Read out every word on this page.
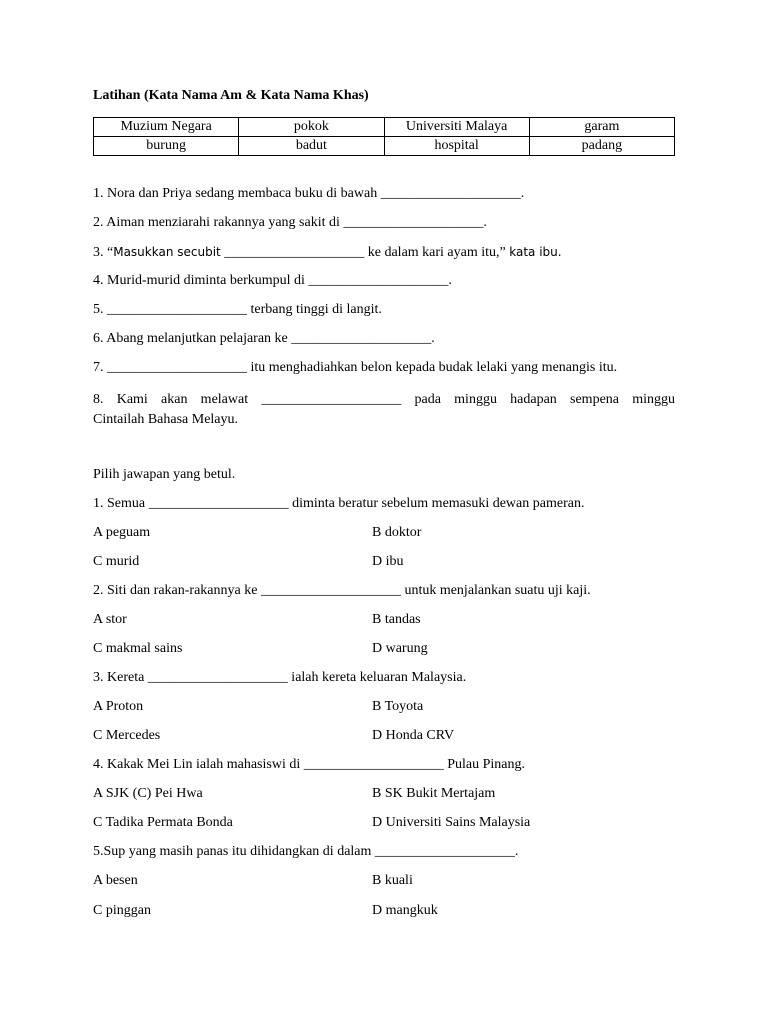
Latihan (Kata Nama Am & Kata Nama Khas)
Muzium Negara	pokok	Universiti Malaya	garam
burung	badut	hospital	padang
1. Nora dan Priya sedang membaca buku di bawah ____________________.
2. Aiman menziarahi rakannya yang sakit di ____________________.
3. “Masukkan secubit ____________________ ke dalam kari ayam itu,” kata ibu.
4. Murid-murid diminta berkumpul di ____________________.
5. ____________________ terbang tinggi di langit.
6. Abang melanjutkan pelajaran ke ____________________.
7. ____________________ itu menghadiahkan belon kepada budak lelaki yang menangis itu.
8. Kami akan melawat ____________________ pada minggu hadapan sempena minggu
Cintailah Bahasa Melayu.
Pilih jawapan yang betul.
1. Semua ____________________ diminta beratur sebelum memasuki dewan pameran.
A peguam	B doktor
C murid	D ibu
2. Siti dan rakan-rakannya ke ____________________ untuk menjalankan suatu uji kaji.
A stor	B tandas
C makmal sains	D warung
3. Kereta ____________________ ialah kereta keluaran Malaysia.
A Proton	B Toyota
C Mercedes	D Honda CRV
4. Kakak Mei Lin ialah mahasiswi di ____________________ Pulau Pinang.
A SJK (C) Pei Hwa	B SK Bukit Mertajam
C Tadika Permata Bonda	D Universiti Sains Malaysia
5.Sup yang masih panas itu dihidangkan di dalam ____________________.
A besen	B kuali
C pinggan	D mangkuk
